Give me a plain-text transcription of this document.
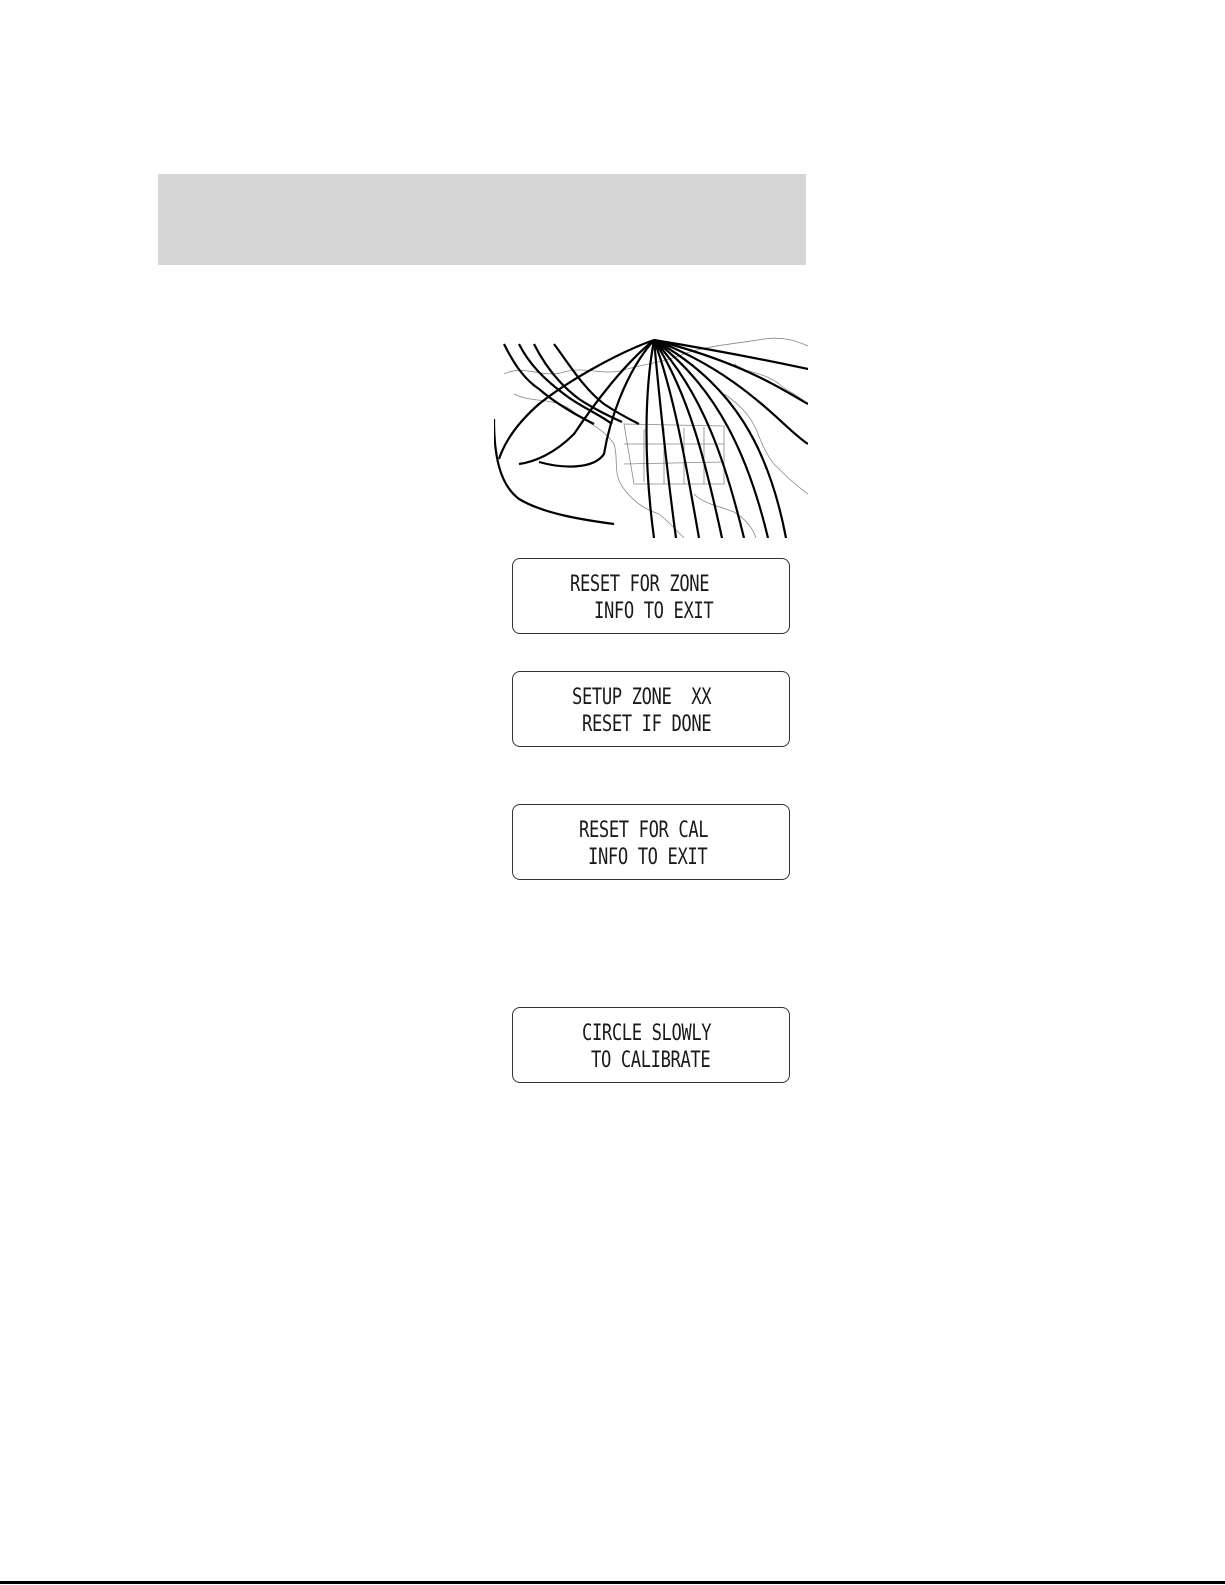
RESET FOR ZONE
INFO TO EXIT
SETUP ZONE  XX
RESET IF DONE
RESET FOR CAL
INFO TO EXIT
CIRCLE SLOWLY
TO CALIBRATE
